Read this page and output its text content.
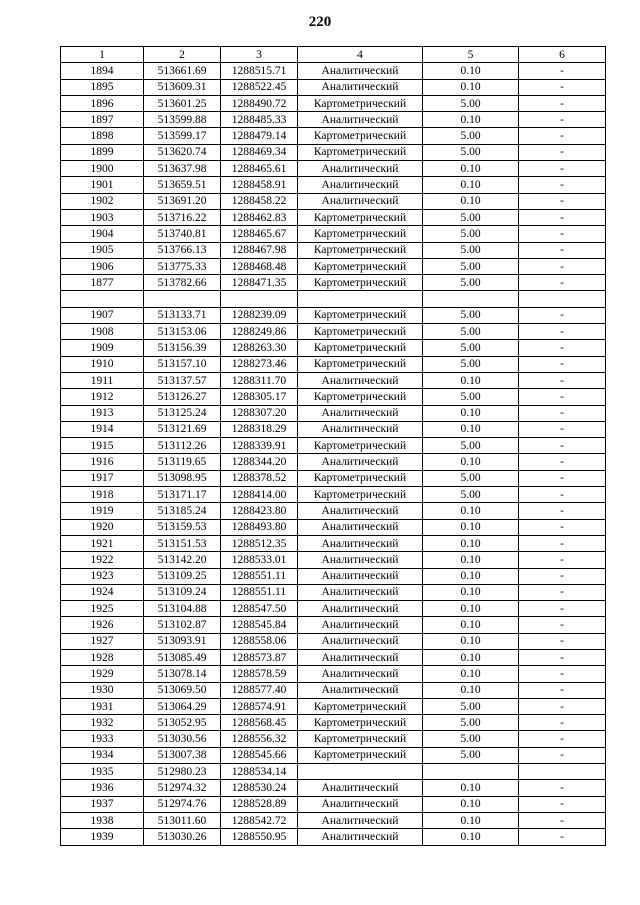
220
1	2	3	4	5	6
1894	513661.69	1288515.71	Аналитический	0.10	-
1895	513609.31	1288522.45	Аналитический	0.10	-
1896	513601.25	1288490.72	Картометрический	5.00	-
1897	513599.88	1288485.33	Аналитический	0.10	-
1898	513599.17	1288479.14	Картометрический	5.00	-
1899	513620.74	1288469.34	Картометрический	5.00	-
1900	513637.98	1288465.61	Аналитический	0.10	-
1901	513659.51	1288458.91	Аналитический	0.10	-
1902	513691.20	1288458.22	Аналитический	0.10	-
1903	513716.22	1288462.83	Картометрический	5.00	-
1904	513740.81	1288465.67	Картометрический	5.00	-
1905	513766.13	1288467.98	Картометрический	5.00	-
1906	513775.33	1288468.48	Картометрический	5.00	-
1877	513782.66	1288471.35	Картометрический	5.00	-

1907	513133.71	1288239.09	Картометрический	5.00	-
1908	513153.06	1288249.86	Картометрический	5.00	-
1909	513156.39	1288263.30	Картометрический	5.00	-
1910	513157.10	1288273.46	Картометрический	5.00	-
1911	513137.57	1288311.70	Аналитический	0.10	-
1912	513126.27	1288305.17	Картометрический	5.00	-
1913	513125.24	1288307.20	Аналитический	0.10	-
1914	513121.69	1288318.29	Аналитический	0.10	-
1915	513112.26	1288339.91	Картометрический	5.00	-
1916	513119.65	1288344.20	Аналитический	0.10	-
1917	513098.95	1288378.52	Картометрический	5.00	-
1918	513171.17	1288414.00	Картометрический	5.00	-
1919	513185.24	1288423.80	Аналитический	0.10	-
1920	513159.53	1288493.80	Аналитический	0.10	-
1921	513151.53	1288512.35	Аналитический	0.10	-
1922	513142.20	1288533.01	Аналитический	0.10	-
1923	513109.25	1288551.11	Аналитический	0.10	-
1924	513109.24	1288551.11	Аналитический	0.10	-
1925	513104.88	1288547.50	Аналитический	0.10	-
1926	513102.87	1288545.84	Аналитический	0.10	-
1927	513093.91	1288558.06	Аналитический	0.10	-
1928	513085.49	1288573.87	Аналитический	0.10	-
1929	513078.14	1288578.59	Аналитический	0.10	-
1930	513069.50	1288577.40	Аналитический	0.10	-
1931	513064.29	1288574.91	Картометрический	5.00	-
1932	513052.95	1288568.45	Картометрический	5.00	-
1933	513030.56	1288556.32	Картометрический	5.00	-
1934	513007.38	1288545.66	Картометрический	5.00	-
1935	512980.23	1288534.14			
1936	512974.32	1288530.24	Аналитический	0.10	-
1937	512974.76	1288528.89	Аналитический	0.10	-
1938	513011.60	1288542.72	Аналитический	0.10	-
1939	513030.26	1288550.95	Аналитический	0.10	-
